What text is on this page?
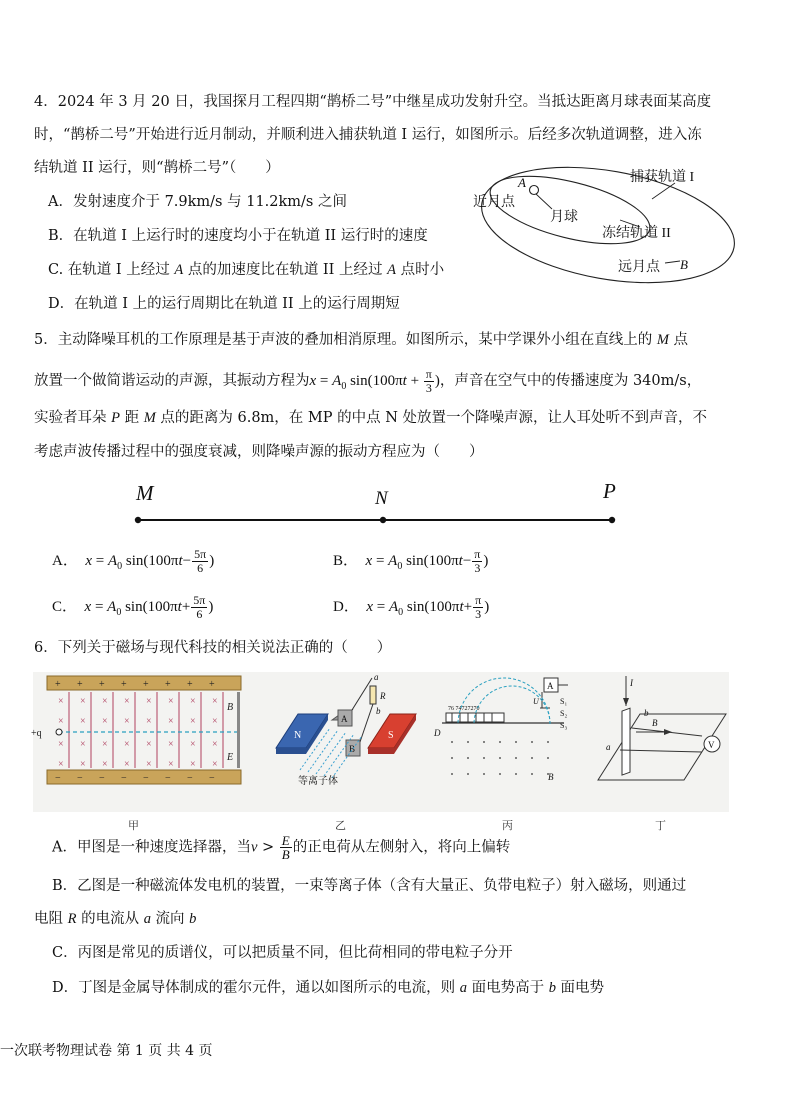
4．2024 年 3 月 20 日，我国探月工程四期“鹊桥二号”中继星成功发射升空。当抵达距离月球表面某高度
时，“鹊桥二号”开始进行近月制动，并顺利进入捕获轨道 I 运行，如图所示。后经多次轨道调整，进入冻
结轨道 II 运行，则“鹊桥二号”（　　）
A．发射速度介于 7.9km/s 与 11.2km/s 之间
B．在轨道 I 上运行时的速度均小于在轨道 II 运行时的速度
C. 在轨道 I 上经过 A 点的加速度比在轨道 II 上经过 A 点时小
D．在轨道 I 上的运行周期比在轨道 II 上的运行周期短
捕获轨道 I
近月点
A
月球
冻结轨道 II
远月点 B
5．主动降噪耳机的工作原理是基于声波的叠加相消原理。如图所示，某中学课外小组在直线上的 M 点
放置一个做简谐运动的声源，其振动方程为$x = A_0$ $\sin(100\pi t + \frac{\pi}{3}$ )，声音在空气中的传播速度为 340m/s，
实验者耳朵 P 距 M 点的距离为 6.8m，在 MP 的中点 N 处放置一个降噪声源，让人耳处听不到声音，不
考虑声波传播过程中的强度衰减，则降噪声源的振动方程应为（　　）
M	N	P
A． $x = A_0$ $\sin(100\pi t- \frac{5\pi}{6}$ )	B． $x = A_0$ $\sin(100\pi t- \frac{\pi}{3}$ )
C． $x = A_0$ $\sin(100\pi t+ \frac{5\pi}{6}$ )	D． $x = A_0$ $\sin(100\pi t+ \frac{\pi}{3}$ )
6．下列关于磁场与现代科技的相关说法正确的（　　）
+ + + + + + + +
− − − − − − − −
× × × × × × × ×
× × × × × × × ×
× × × × × × × ×
× × × × × × × ×
+q
B
E
N	S
A
B
R
a
b
等离子体
76 74727270
D
A
U	S₁
S₂
S₃
B
I
B
a
b
V
甲	乙	丙	丁
A．甲图是一种速度选择器，当$v > \frac{E}{B}$ 的正电荷从左侧射入，将向上偏转
B．乙图是一种磁流体发电机的装置，一束等离子体（含有大量正、负带电粒子）射入磁场，则通过
电阻 R 的电流从 a 流向 b
C．丙图是常见的质谱仪，可以把质量不同，但比荷相同的带电粒子分开
D．丁图是金属导体制成的霍尔元件，通以如图所示的电流，则 a 面电势高于 b 面电势
一次联考物理试卷 第 1 页 共 4 页
